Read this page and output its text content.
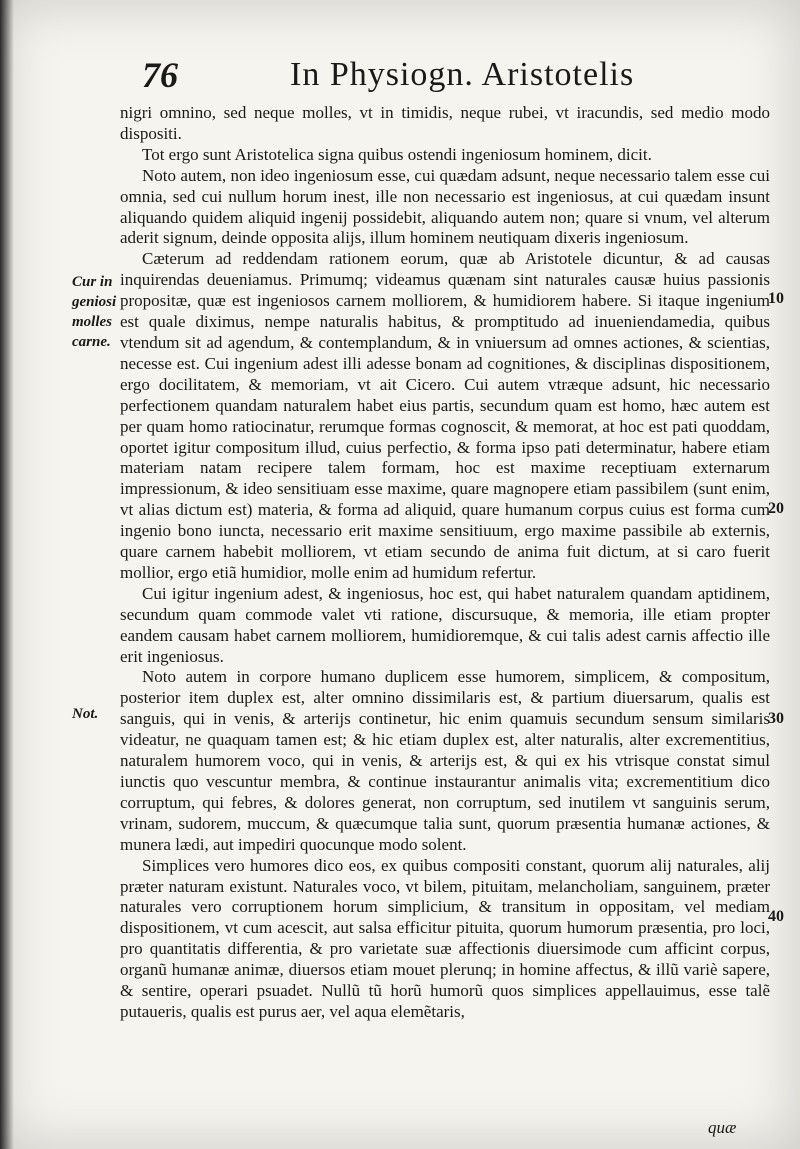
76	In Physiogn. Aristotelis
Cur in geniosi molles carne.
Not.
10
20
30
40

nigri omnino, sed neque molles, vt in timidis, neque rubei, vt iracundis, sed medio modo dispositi.

Tot ergo sunt Aristotelica signa quibus ostendi ingeniosum hominem, dicit.

Noto autem, non ideo ingeniosum esse, cui quædam adsunt, neque necessario talem esse cui omnia, sed cui nullum horum inest, ille non necessario est ingeniosus, at cui quædam insunt aliquando quidem aliquid ingenij possidebit, aliquando autem non; quare si vnum, vel alterum aderit signum, deinde opposita alijs, illum hominem neutiquam dixeris ingeniosum.

Cæterum ad reddendam rationem eorum, quæ ab Aristotele dicuntur, & ad causas inquirendas deueniamus. Primumq; videamus quænam sint naturales causæ huius passionis propositæ, quæ est ingeniosos carnem molliorem, & humidiorem habere. Si itaque ingenium est quale diximus, nempe naturalis habitus, & promptitudo ad inueniendamedia, quibus vtendum sit ad agendum, & contemplandum, & in vniuersum ad omnes actiones, & scientias, necesse est. Cui ingenium adest illi adesse bonam ad cognitiones, & disciplinas dispositionem, ergo docilitatem, & memoriam, vt ait Cicero. Cui autem vtræque adsunt, hic necessario perfectionem quandam naturalem habet eius partis, secundum quam est homo, hæc autem est per quam homo ratiocinatur, rerumque formas cognoscit, & memorat, at hoc est pati quoddam, oportet igitur compositum illud, cuius perfectio, & forma ipso pati determinatur, habere etiam materiam natam recipere talem formam, hoc est maxime receptiuam externarum impressionum, & ideo sensitiuam esse maxime, quare magnopere etiam passibilem (sunt enim, vt alias dictum est) materia, & forma ad aliquid, quare humanum corpus cuius est forma cum ingenio bono iuncta, necessario erit maxime sensitiuum, ergo maxime passibile ab externis, quare carnem habebit molliorem, vt etiam secundo de anima fuit dictum, at si caro fuerit mollior, ergo etiã humidior, molle enim ad humidum refertur.

Cui igitur ingenium adest, & ingeniosus, hoc est, qui habet naturalem quandam aptidinem, secundum quam commode valet vti ratione, discursuque, & memoria, ille etiam propter eandem causam habet carnem molliorem, humidioremque, & cui talis adest carnis affectio ille erit ingeniosus.

Noto autem in corpore humano duplicem esse humorem, simplicem, & compositum, posterior item duplex est, alter omnino dissimilaris est, & partium diuersarum, qualis est sanguis, qui in venis, & arterijs continetur, hic enim quamuis secundum sensum similaris videatur, ne quaquam tamen est; & hic etiam duplex est, alter naturalis, alter excrementitius, naturalem humorem voco, qui in venis, & arterijs est, & qui ex his vtrisque constat simul iunctis quo vescuntur membra, & continue instaurantur animalis vita; excrementitium dico corruptum, qui febres, & dolores generat, non corruptum, sed inutilem vt sanguinis serum, vrinam, sudorem, muccum, & quæcumque talia sunt, quorum præsentia humanæ actiones, & munera lædi, aut impediri quocunque modo solent.

Simplices vero humores dico eos, ex quibus compositi constant, quorum alij naturales, alij præter naturam existunt. Naturales voco, vt bilem, pituitam, melancholiam, sanguinem, præter naturales vero corruptionem horum simplicium, & transitum in oppositam, vel mediam dispositionem, vt cum acescit, aut salsa efficitur pituita, quorum humorum præsentia, pro loci, pro quantitatis differentia, & pro varietate suæ affectionis diuersimode cum afficint corpus, organũ humanæ animæ, diuersos etiam mouet plerunq; in homine affectus, & illũ variè sapere, & sentire, operari psuadet. Nullũ tũ horũ humorũ quos simplices appellauimus, esse talẽ putaueris, qualis est purus aer, vel aqua elemẽtaris,

quæ
